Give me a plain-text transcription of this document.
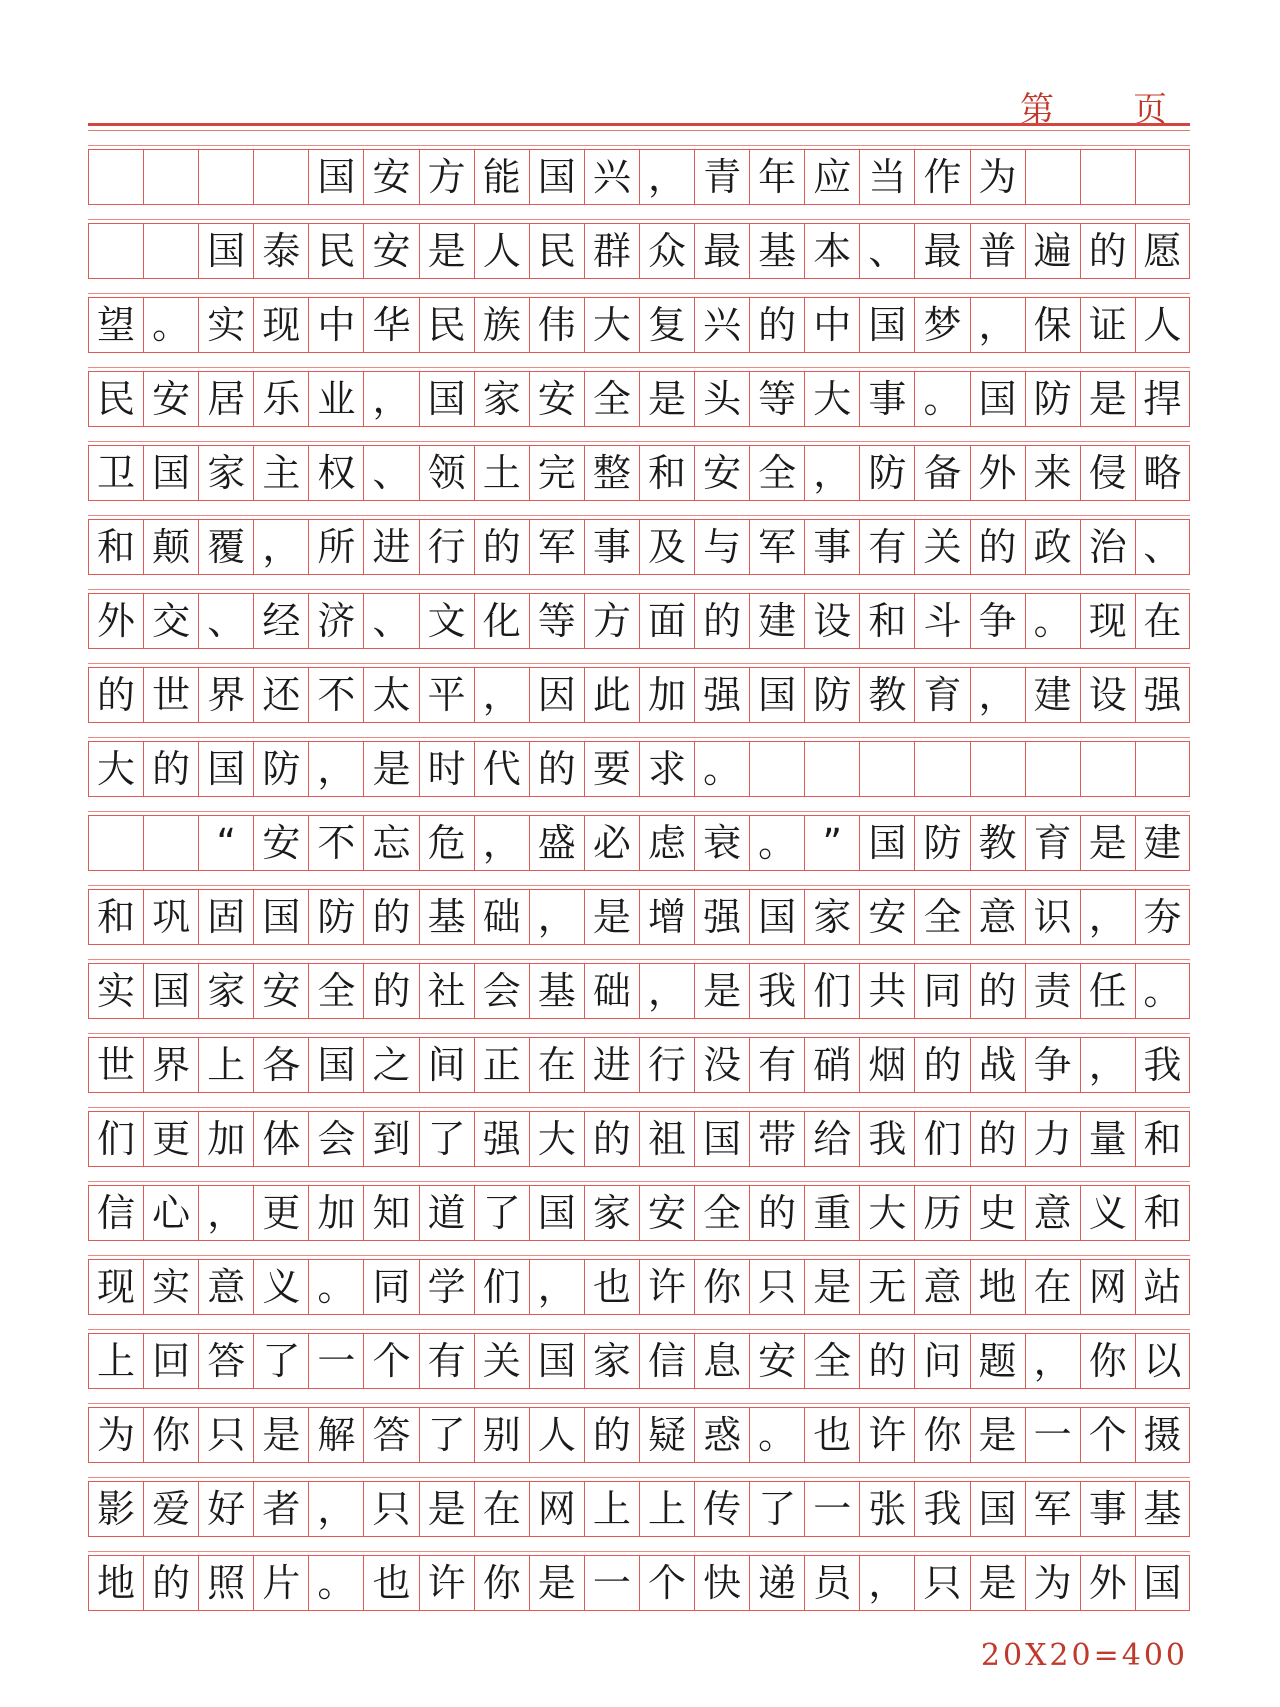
第 页
国 安 方 能 国 兴 ， 青 年 应 当 作 为
国 泰 民 安 是 人 民 群 众 最 基 本 、 最 普 遍 的 愿
望 。 实 现 中 华 民 族 伟 大 复 兴 的 中 国 梦 ， 保 证 人
民 安 居 乐 业 ， 国 家 安 全 是 头 等 大 事 。 国 防 是 捍
卫 国 家 主 权 、 领 土 完 整 和 安 全 ， 防 备 外 来 侵 略
和 颠 覆 ， 所 进 行 的 军 事 及 与 军 事 有 关 的 政 治 、
外 交 、 经 济 、 文 化 等 方 面 的 建 设 和 斗 争 。 现 在
的 世 界 还 不 太 平 ， 因 此 加 强 国 防 教 育 ， 建 设 强
大 的 国 防 ， 是 时 代 的 要 求 。
“ 安 不 忘 危 ， 盛 必 虑 衰 。 ” 国 防 教 育 是 建
和 巩 固 国 防 的 基 础 ， 是 增 强 国 家 安 全 意 识 ， 夯
实 国 家 安 全 的 社 会 基 础 ， 是 我 们 共 同 的 责 任 。
世 界 上 各 国 之 间 正 在 进 行 没 有 硝 烟 的 战 争 ， 我
们 更 加 体 会 到 了 强 大 的 祖 国 带 给 我 们 的 力 量 和
信 心 ， 更 加 知 道 了 国 家 安 全 的 重 大 历 史 意 义 和
现 实 意 义 。 同 学 们 ， 也 许 你 只 是 无 意 地 在 网 站
上 回 答 了 一 个 有 关 国 家 信 息 安 全 的 问 题 ， 你 以
为 你 只 是 解 答 了 别 人 的 疑 惑 。 也 许 你 是 一 个 摄
影 爱 好 者 ， 只 是 在 网 上 上 传 了 一 张 我 国 军 事 基
地 的 照 片 。 也 许 你 是 一 个 快 递 员 ， 只 是 为 外 国
20X20=400
